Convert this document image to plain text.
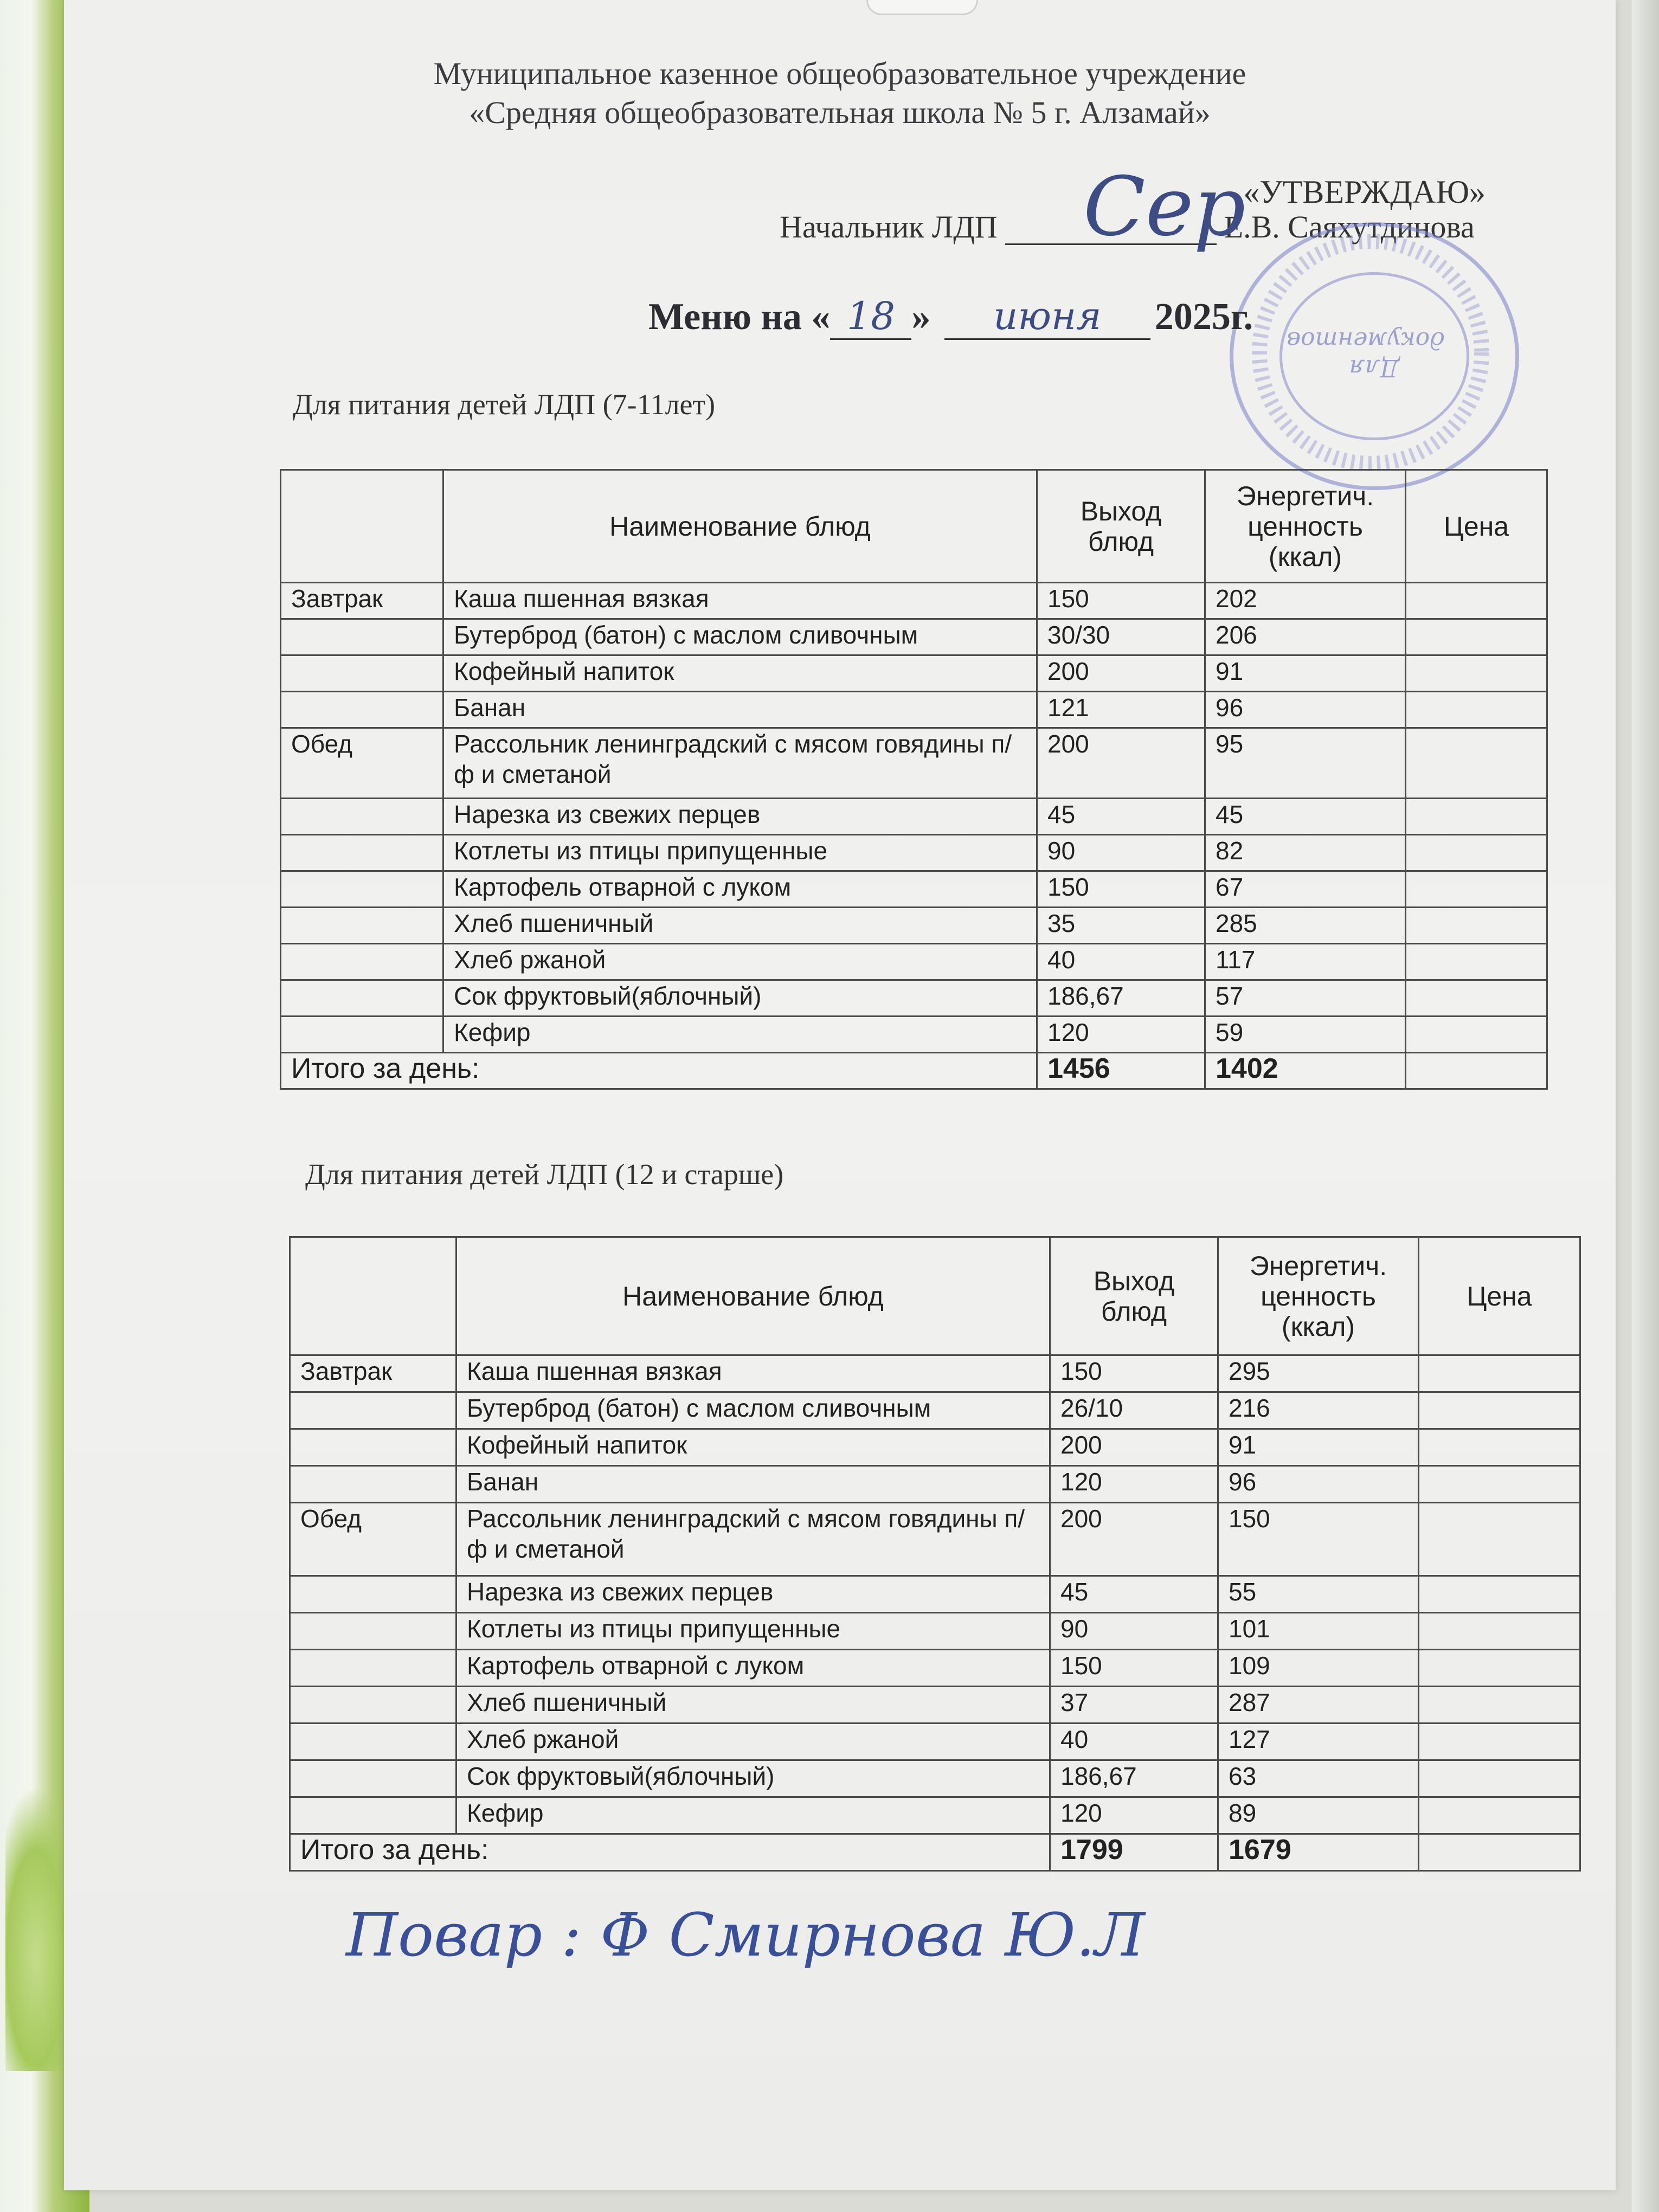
Муниципальное казенное общеобразовательное учреждение
«Средняя общеобразовательная школа № 5 г. Алзамай»
«УТВЕРЖДАЮ»
Начальник ЛДП	Е.В. Саяхутдинова
Сер
Для документов
Меню на « 18 » июня 2025г.
Для питания детей ЛДП (7-11лет)
	Наименование блюд	Выход блюд	Энергетич. ценность (ккал)	Цена
Завтрак	Каша пшенная вязкая	150	202	
	Бутерброд (батон) с маслом сливочным	30/30	206	
	Кофейный напиток	200	91	
	Банан	121	96	
Обед	Рассольник ленинградский с мясом говядины п/ф и сметаной	200	95	
	Нарезка из свежих перцев	45	45	
	Котлеты из птицы припущенные	90	82	
	Картофель отварной с луком	150	67	
	Хлеб пшеничный	35	285	
	Хлеб ржаной	40	117	
	Сок фруктовый(яблочный)	186,67	57	
	Кефир	120	59	
Итого за день:		1456	1402	
Для питания детей ЛДП (12 и старше)
	Наименование блюд	Выход блюд	Энергетич. ценность (ккал)	Цена
Завтрак	Каша пшенная вязкая	150	295	
	Бутерброд (батон) с маслом сливочным	26/10	216	
	Кофейный напиток	200	91	
	Банан	120	96	
Обед	Рассольник ленинградский с мясом говядины п/ф и сметаной	200	150	
	Нарезка из свежих перцев	45	55	
	Котлеты из птицы припущенные	90	101	
	Картофель отварной с луком	150	109	
	Хлеб пшеничный	37	287	
	Хлеб ржаной	40	127	
	Сок фруктовый(яблочный)	186,67	63	
	Кефир	120	89	
Итого за день:		1799	1679	
Повар : Ф Смирнова Ю.Л
